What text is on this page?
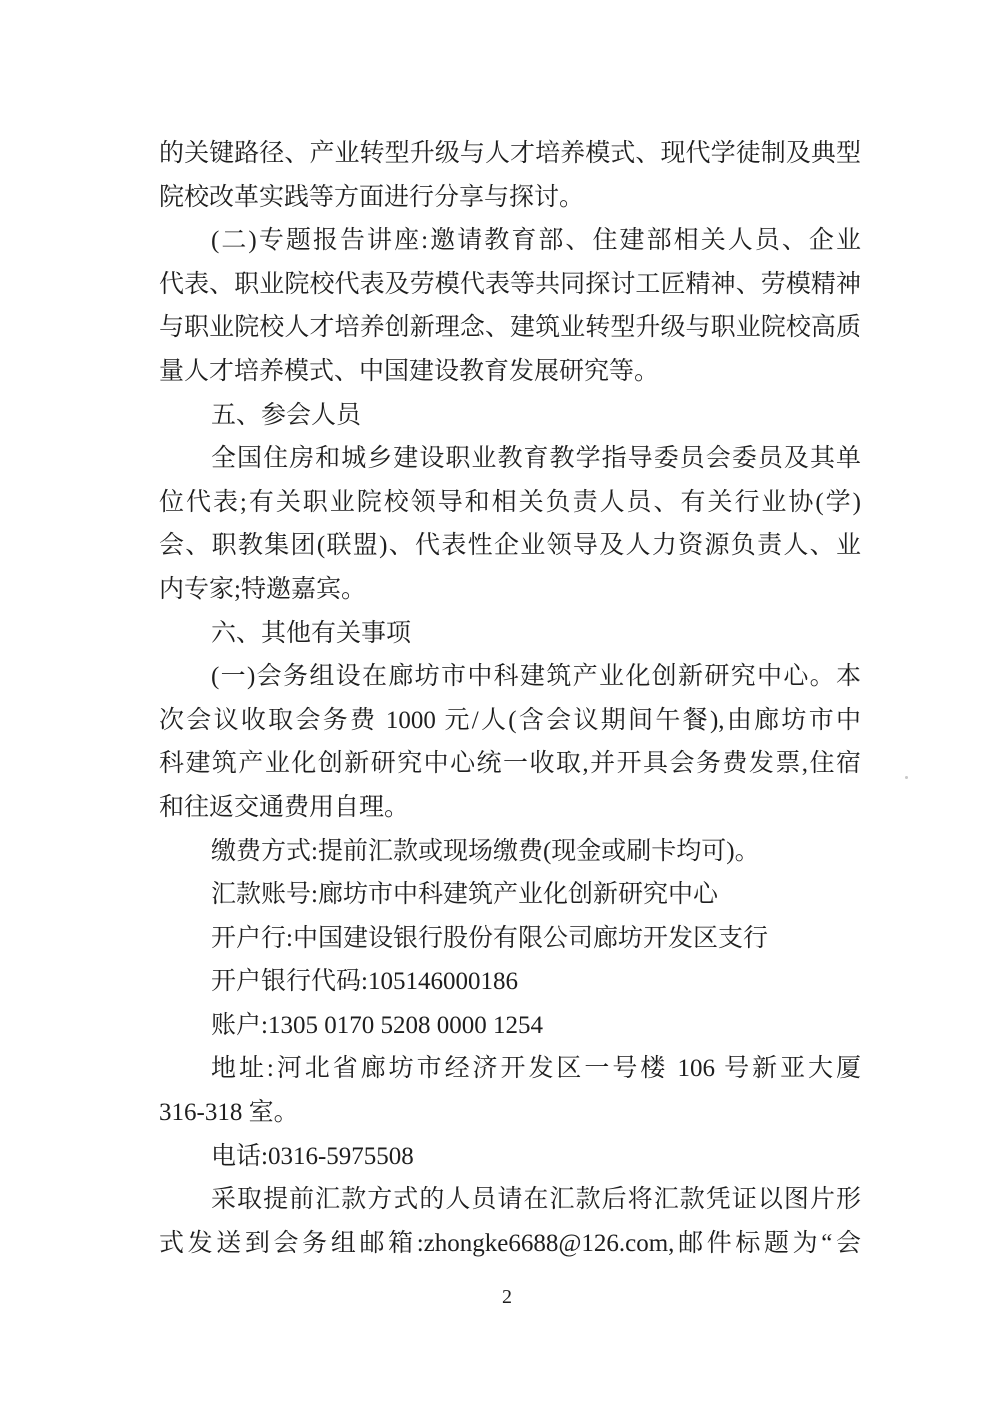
的关键路径、产业转型升级与人才培养模式、现代学徒制及典型
院校改革实践等方面进行分享与探讨。
(二)专题报告讲座:邀请教育部、住建部相关人员、企业
代表、职业院校代表及劳模代表等共同探讨工匠精神、劳模精神
与职业院校人才培养创新理念、建筑业转型升级与职业院校高质
量人才培养模式、中国建设教育发展研究等。
五、参会人员
全国住房和城乡建设职业教育教学指导委员会委员及其单
位代表;有关职业院校领导和相关负责人员、有关行业协(学)
会、职教集团(联盟)、代表性企业领导及人力资源负责人、业
内专家;特邀嘉宾。
六、其他有关事项
(一)会务组设在廊坊市中科建筑产业化创新研究中心。本
次会议收取会务费 1000 元/人(含会议期间午餐),由廊坊市中
科建筑产业化创新研究中心统一收取,并开具会务费发票,住宿
和往返交通费用自理。
缴费方式:提前汇款或现场缴费(现金或刷卡均可)。
汇款账号:廊坊市中科建筑产业化创新研究中心
开户行:中国建设银行股份有限公司廊坊开发区支行
开户银行代码:105146000186
账户:1305 0170 5208 0000 1254
地址:河北省廊坊市经济开发区一号楼 106 号新亚大厦
316-318 室。
电话:0316-5975508
采取提前汇款方式的人员请在汇款后将汇款凭证以图片形
式发送到会务组邮箱:zhongke6688@126.com,邮件标题为“会
2
